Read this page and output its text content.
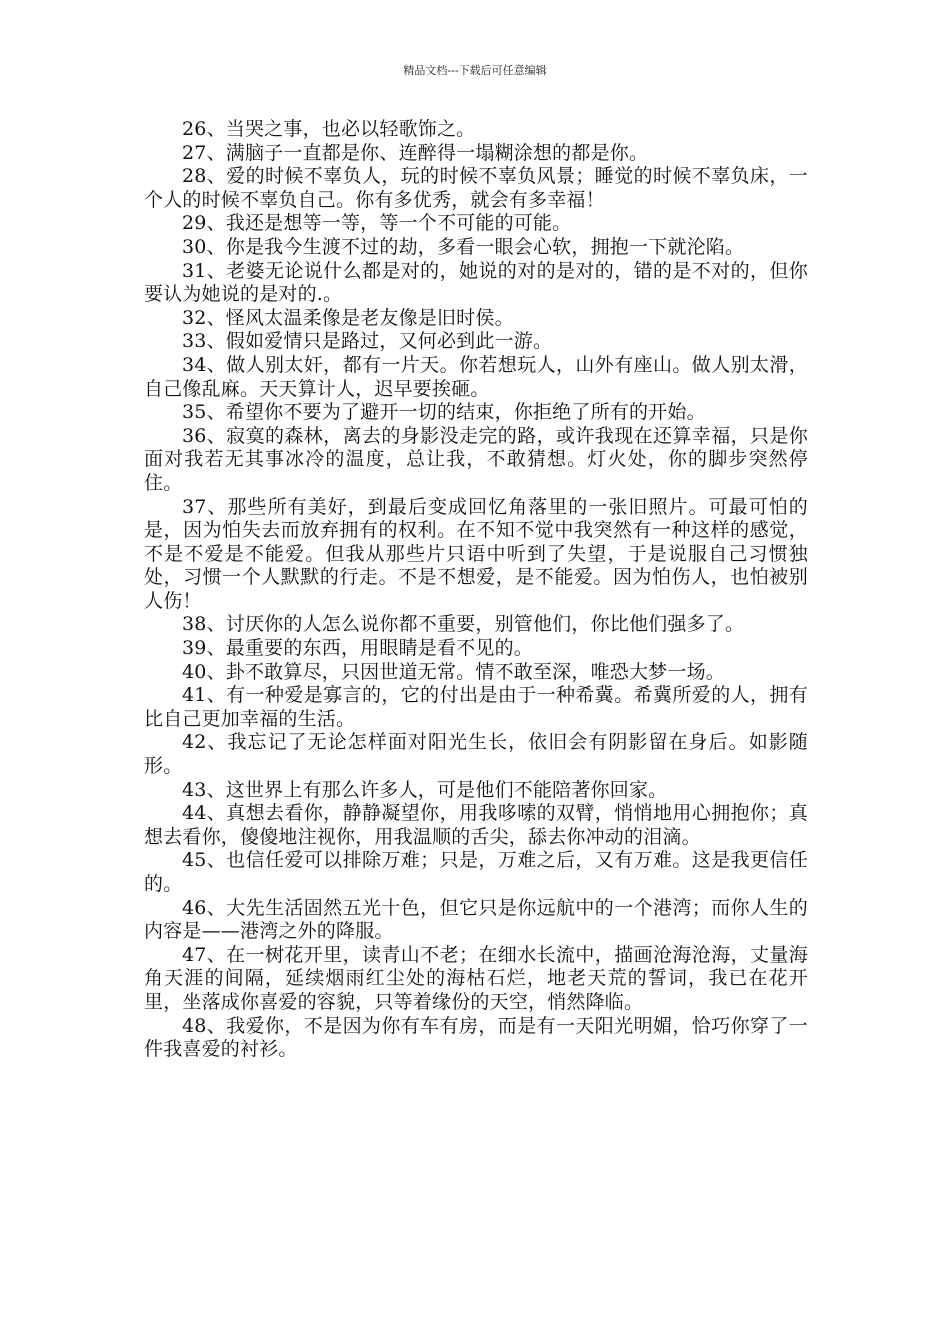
精品文档---下载后可任意编辑

26、当哭之事，也必以轻歌饰之。

27、满脑子一直都是你、连醉得一塌糊涂想的都是你。

28、爱的时候不辜负人，玩的时候不辜负风景；睡觉的时候不辜负床，一个人的时候不辜负自己。你有多优秀，就会有多幸福！

29、我还是想等一等，等一个不可能的可能。

30、你是我今生渡不过的劫，多看一眼会心软，拥抱一下就沦陷。

31、老婆无论说什么都是对的，她说的对的是对的，错的是不对的，但你要认为她说的是对的.。

32、怪风太温柔像是老友像是旧时侯。

33、假如爱情只是路过，又何必到此一游。

34、做人别太奸，都有一片天。你若想玩人，山外有座山。做人别太滑，自己像乱麻。天天算计人，迟早要挨砸。

35、希望你不要为了避开一切的结束，你拒绝了所有的开始。

36、寂寞的森林，离去的身影没走完的路，或许我现在还算幸福，只是你面对我若无其事冰冷的温度，总让我，不敢猜想。灯火处，你的脚步突然停住。

37、那些所有美好，到最后变成回忆角落里的一张旧照片。可最可怕的是，因为怕失去而放弃拥有的权利。在不知不觉中我突然有一种这样的感觉，不是不爱是不能爱。但我从那些片只语中听到了失望，于是说服自己习惯独处，习惯一个人默默的行走。不是不想爱，是不能爱。因为怕伤人，也怕被别人伤！

38、讨厌你的人怎么说你都不重要，别管他们，你比他们强多了。

39、最重要的东西，用眼睛是看不见的。

40、卦不敢算尽，只因世道无常。情不敢至深，唯恐大梦一场。

41、有一种爱是寡言的，它的付出是由于一种希冀。希冀所爱的人，拥有比自己更加幸福的生活。

42、我忘记了无论怎样面对阳光生长，依旧会有阴影留在身后。如影随形。

43、这世界上有那么许多人，可是他们不能陪著你回家。

44、真想去看你，静静凝望你，用我哆嗦的双臂，悄悄地用心拥抱你；真想去看你，傻傻地注视你，用我温顺的舌尖，舔去你冲动的泪滴。

45、也信任爱可以排除万难；只是，万难之后，又有万难。这是我更信任的。

46、大先生活固然五光十色，但它只是你远航中的一个港湾；而你人生的内容是——港湾之外的降服。

47、在一树花开里，读青山不老；在细水长流中，描画沧海沧海，丈量海角天涯的间隔，延续烟雨红尘处的海枯石烂，地老天荒的誓词，我已在花开里，坐落成你喜爱的容貌，只等着缘份的天空，悄然降临。

48、我爱你，不是因为你有车有房，而是有一天阳光明媚，恰巧你穿了一件我喜爱的衬衫。
